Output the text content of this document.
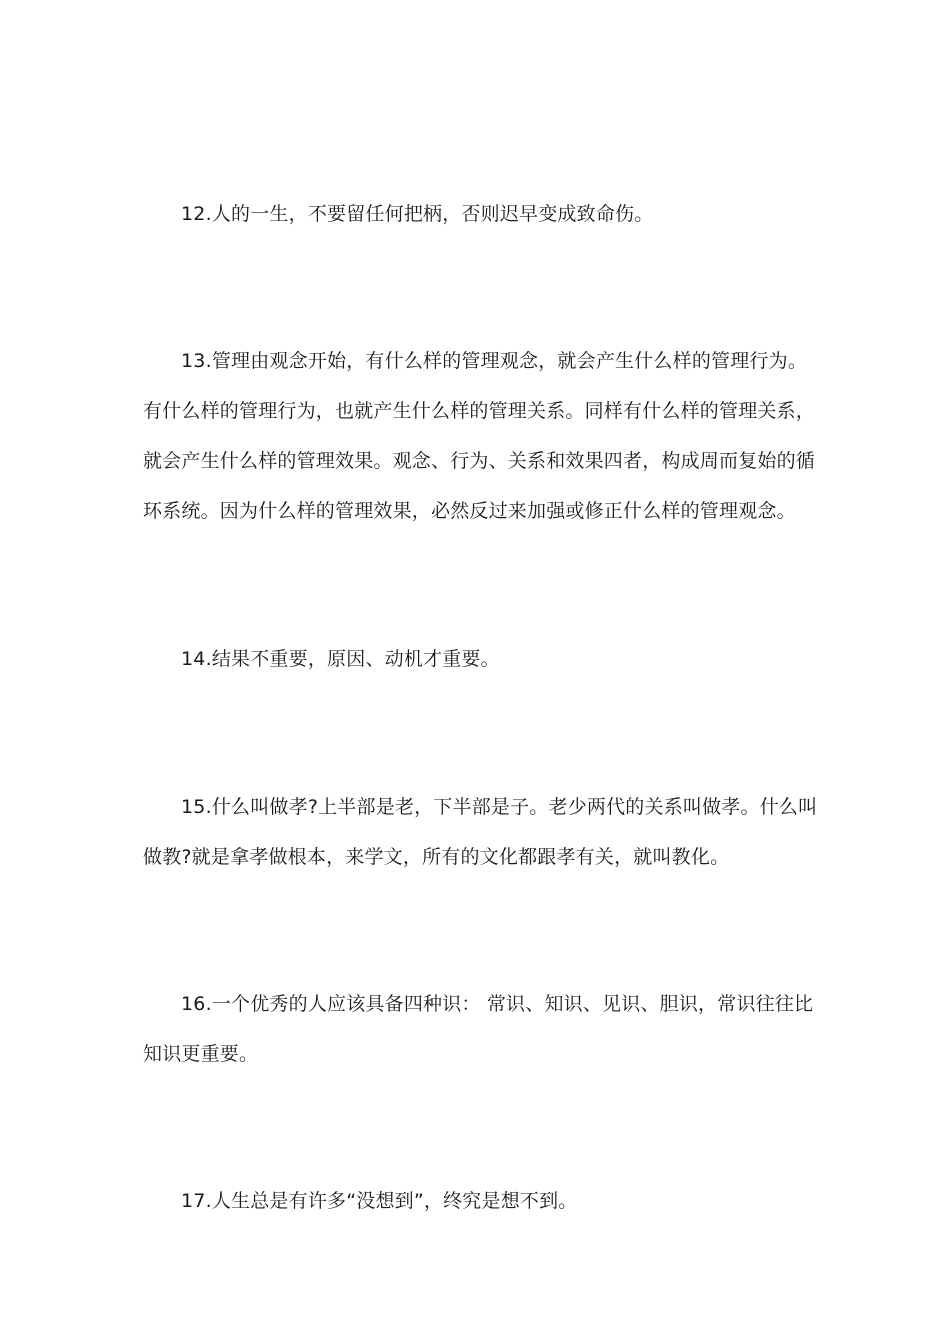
12.人的一生，不要留任何把柄，否则迟早变成致命伤。

13.管理由观念开始，有什么样的管理观念，就会产生什么样的管理行为。有什么样的管理行为，也就产生什么样的管理关系。同样有什么样的管理关系，就会产生什么样的管理效果。观念、行为、关系和效果四者，构成周而复始的循环系统。因为什么样的管理效果，必然反过来加强或修正什么样的管理观念。

14.结果不重要，原因、动机才重要。

15.什么叫做孝?上半部是老，下半部是子。老少两代的关系叫做孝。什么叫做教?就是拿孝做根本，来学文，所有的文化都跟孝有关，就叫教化。

16.一个优秀的人应该具备四种识： 常识、知识、见识、胆识，常识往往比知识更重要。

17.人生总是有许多“没想到”，终究是想不到。
